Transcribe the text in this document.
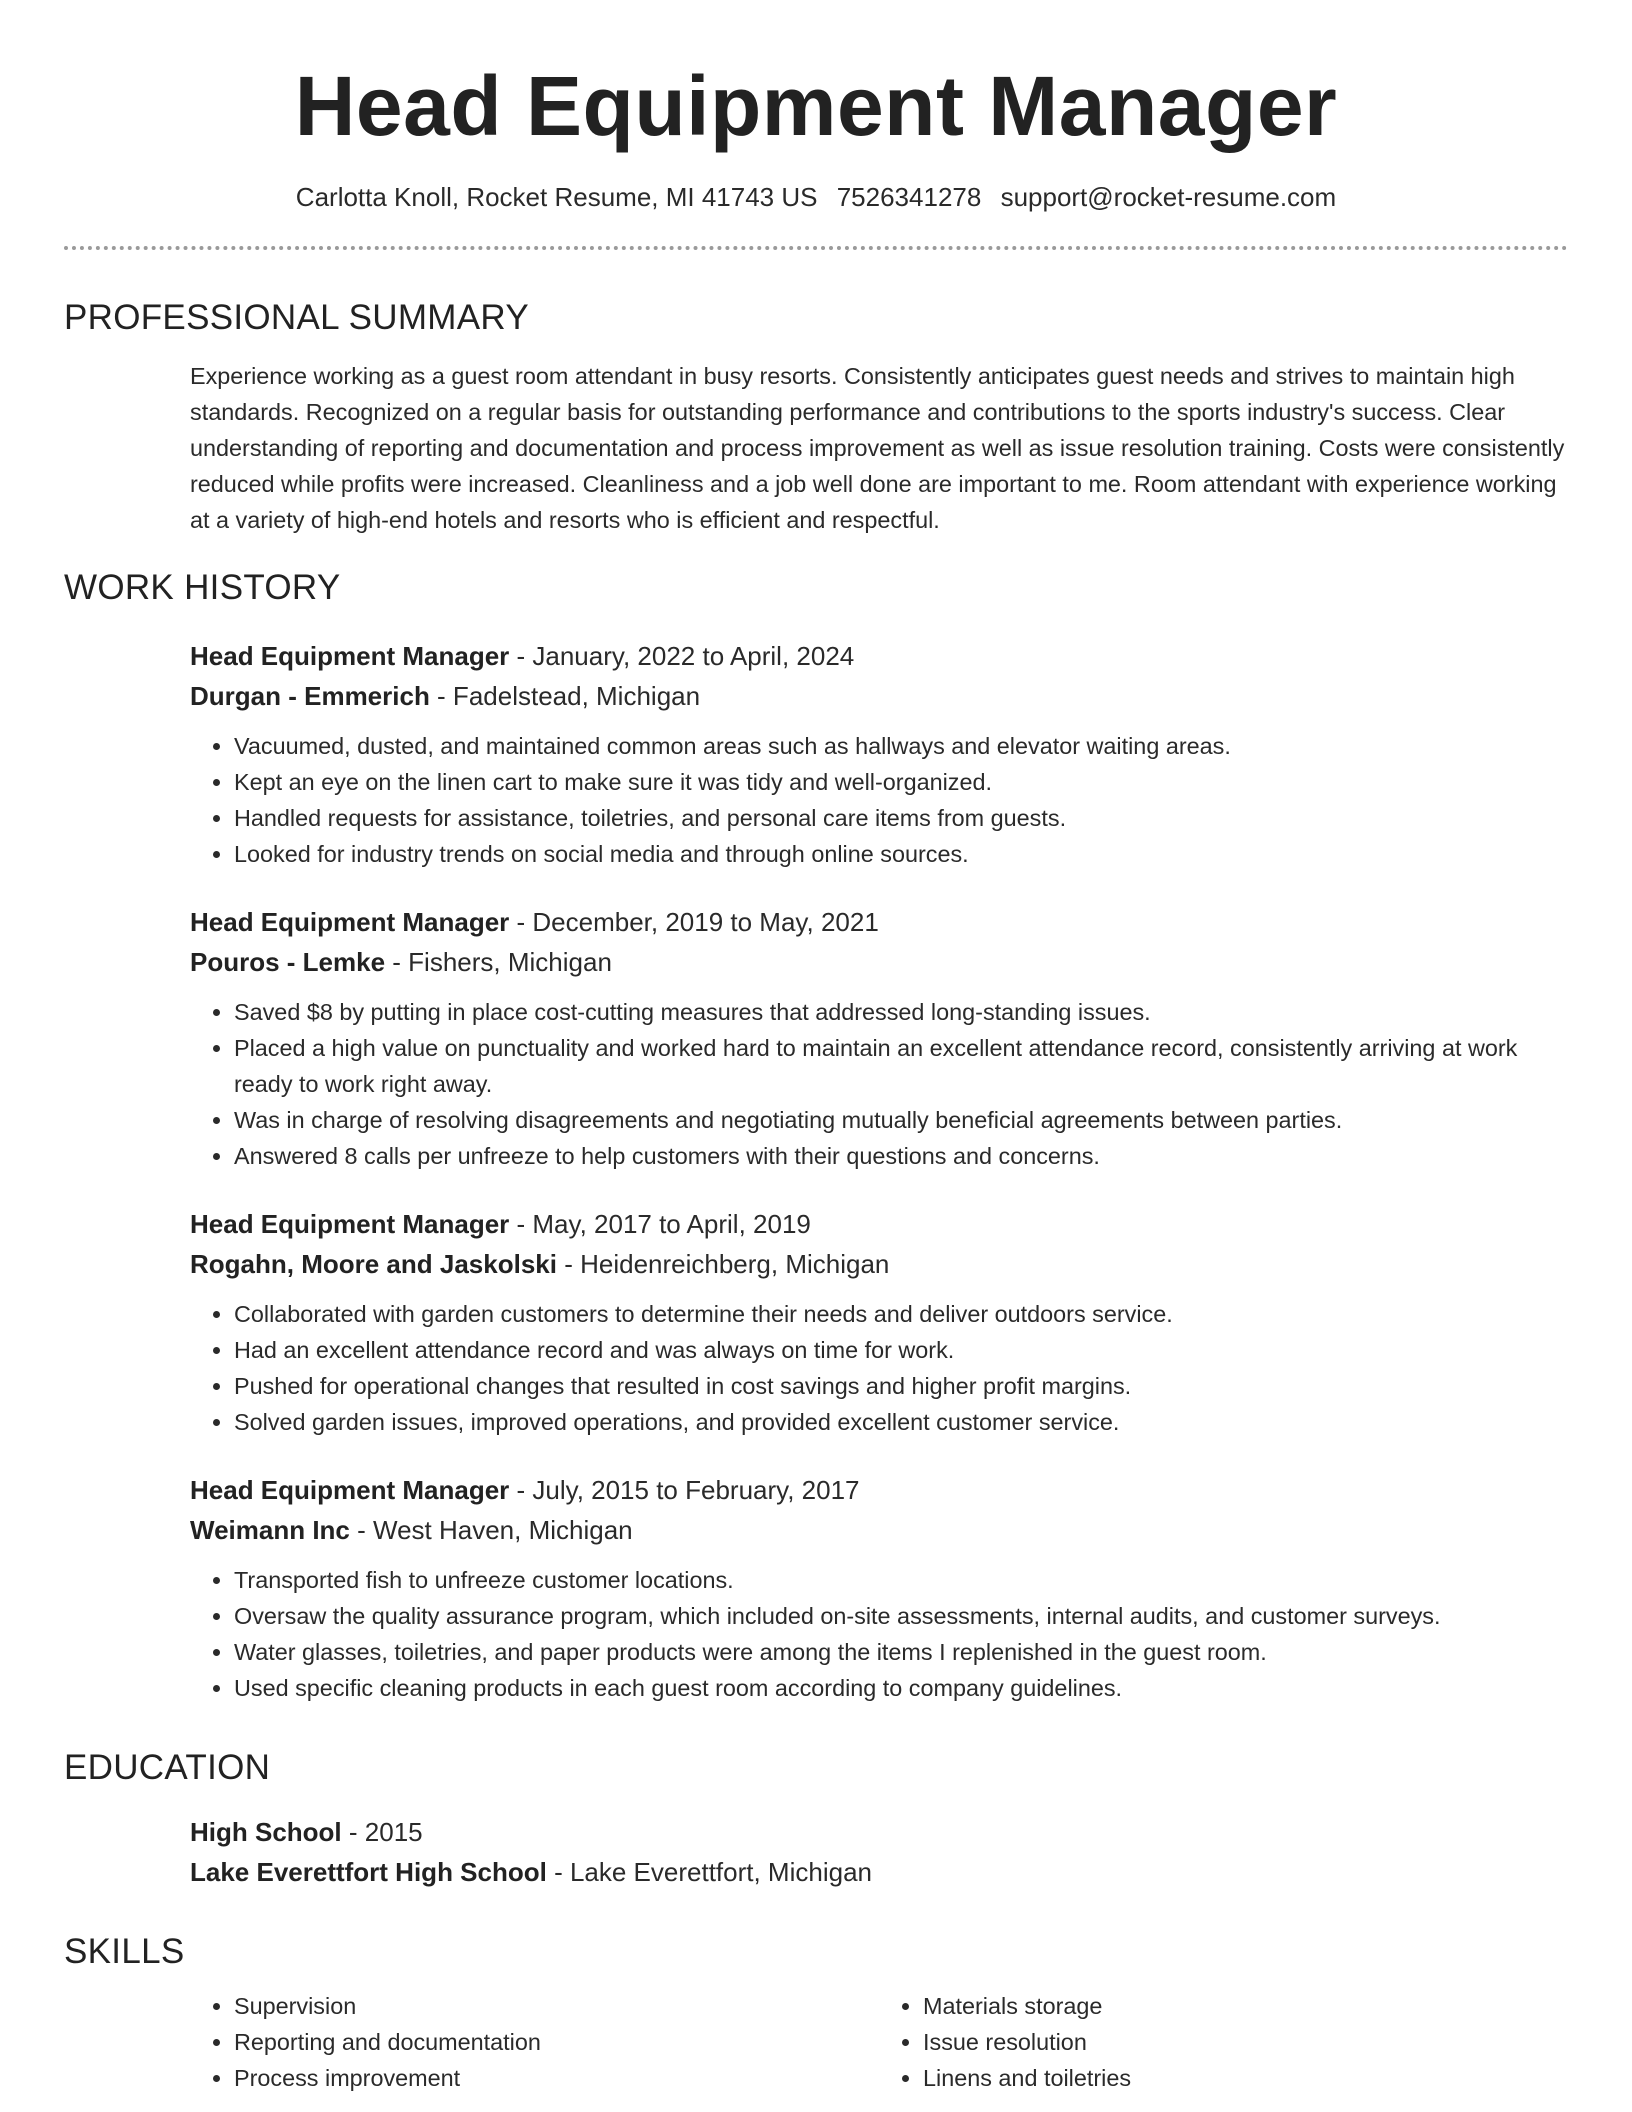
Head Equipment Manager
Carlotta Knoll, Rocket Resume, MI 41743 US 7526341278 support@rocket-resume.com
PROFESSIONAL SUMMARY

Experience working as a guest room attendant in busy resorts. Consistently anticipates guest needs and strives to maintain high standards. Recognized on a regular basis for outstanding performance and contributions to the sports industry's success. Clear understanding of reporting and documentation and process improvement as well as issue resolution training. Costs were consistently reduced while profits were increased. Cleanliness and a job well done are important to me. Room attendant with experience working at a variety of high-end hotels and resorts who is efficient and respectful.

WORK HISTORY
Head Equipment Manager - January, 2022 to April, 2024
Durgan - Emmerich - Fadelstead, Michigan
• Vacuumed, dusted, and maintained common areas such as hallways and elevator waiting areas.
• Kept an eye on the linen cart to make sure it was tidy and well-organized.
• Handled requests for assistance, toiletries, and personal care items from guests.
• Looked for industry trends on social media and through online sources.
Head Equipment Manager - December, 2019 to May, 2021
Pouros - Lemke - Fishers, Michigan
• Saved $8 by putting in place cost-cutting measures that addressed long-standing issues.
• Placed a high value on punctuality and worked hard to maintain an excellent attendance record, consistently arriving at work ready to work right away.
• Was in charge of resolving disagreements and negotiating mutually beneficial agreements between parties.
• Answered 8 calls per unfreeze to help customers with their questions and concerns.
Head Equipment Manager - May, 2017 to April, 2019
Rogahn, Moore and Jaskolski - Heidenreichberg, Michigan
• Collaborated with garden customers to determine their needs and deliver outdoors service.
• Had an excellent attendance record and was always on time for work.
• Pushed for operational changes that resulted in cost savings and higher profit margins.
• Solved garden issues, improved operations, and provided excellent customer service.
Head Equipment Manager - July, 2015 to February, 2017
Weimann Inc - West Haven, Michigan
• Transported fish to unfreeze customer locations.
• Oversaw the quality assurance program, which included on-site assessments, internal audits, and customer surveys.
• Water glasses, toiletries, and paper products were among the items I replenished in the guest room.
• Used specific cleaning products in each guest room according to company guidelines.
EDUCATION
High School - 2015
Lake Everettfort High School - Lake Everettfort, Michigan
SKILLS
• Supervision
• Reporting and documentation
• Process improvement
• Materials storage
• Issue resolution
• Linens and toiletries
